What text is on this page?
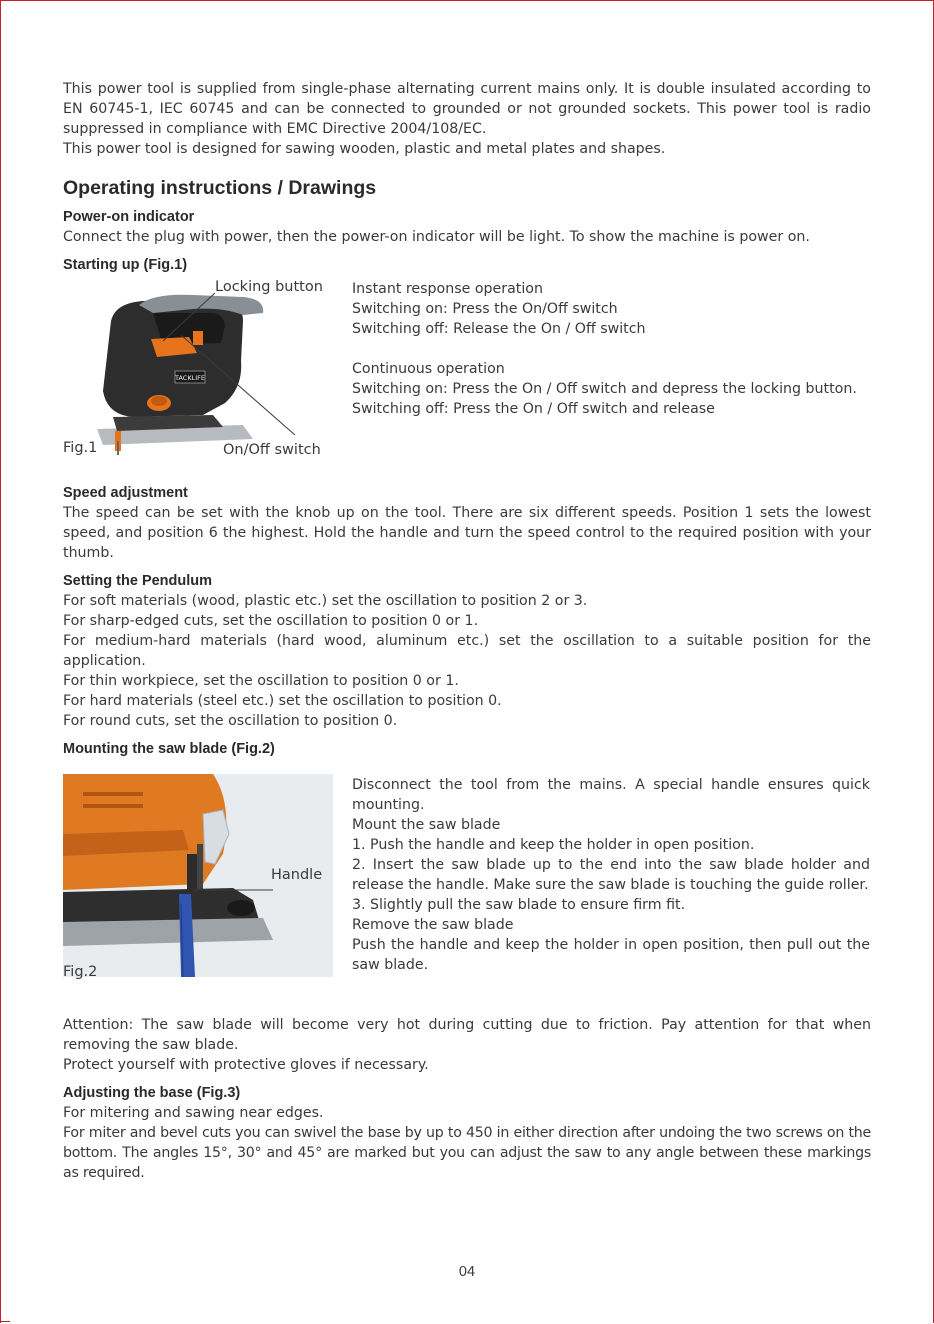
This power tool is supplied from single-phase alternating current mains only. It is double insulated according to EN 60745-1, IEC 60745 and can be connected to grounded or not grounded sockets. This power tool is radio suppressed in compliance with EMC Directive 2004/108/EC.

This power tool is designed for sawing wooden, plastic and metal plates and shapes.

Operating instructions / Drawings
Power-on indicator

Connect the plug with power, then the power-on indicator will be light. To show the machine is power on.

Starting up (Fig.1)
TACKLIFE
Locking button
On/Off switch
Fig.1

Instant response operation

Switching on: Press the On/Off switch

Switching off: Release the On / Off switch

Continuous operation

Switching on: Press the On / Off switch and depress the locking button.

Switching off: Press the On / Off switch and release

Speed adjustment

The speed can be set with the knob up on the tool. There are six different speeds. Position 1 sets the lowest speed, and position 6 the highest. Hold the handle and turn the speed control to the required position with your thumb.

Setting the Pendulum

For soft materials (wood, plastic etc.) set the oscillation to position 2 or 3.

For sharp-edged cuts, set the oscillation to position 0 or 1.

For medium-hard materials (hard wood, aluminum etc.) set the oscillation to a suitable position for the application.

For thin workpiece, set the oscillation to position 0 or 1.

For hard materials (steel etc.) set the oscillation to position 0.

For round cuts, set the oscillation to position 0.

Mounting the saw blade (Fig.2)
Handle
Fig.2

Disconnect the tool from the mains. A special handle ensures quick mounting.

Mount the saw blade

1. Push the handle and keep the holder in open position.

2. Insert the saw blade up to the end into the saw blade holder and release the handle. Make sure the saw blade is touching the guide roller.

3. Slightly pull the saw blade to ensure firm fit.

Remove the saw blade

Push the handle and keep the holder in open position, then pull out the saw blade.

Attention: The saw blade will become very hot during cutting due to friction. Pay attention for that when removing the saw blade.

Protect yourself with protective gloves if necessary.

Adjusting the base (Fig.3)

For mitering and sawing near edges.

For miter and bevel cuts you can swivel the base by up to 450 in either direction after undoing the two screws on the bottom. The angles 15°, 30° and 45° are marked but you can adjust the saw to any angle between these markings as required.

04
